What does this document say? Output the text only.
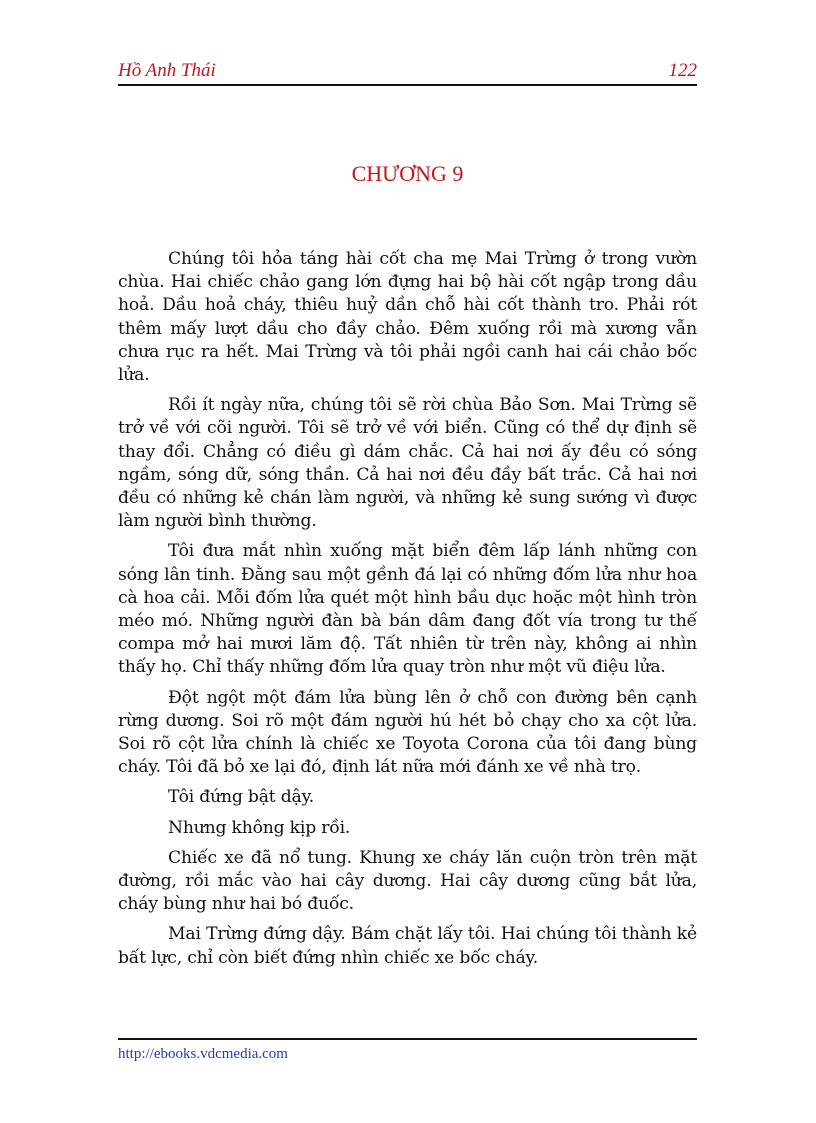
Hồ Anh Thái	122
CHƯƠNG 9

Chúng tôi hỏa táng hài cốt cha mẹ Mai Trừng ở trong vườn chùa. Hai chiếc chảo gang lớn đựng hai bộ hài cốt ngập trong dầu hoả. Dầu hoả cháy, thiêu huỷ dần chỗ hài cốt thành tro. Phải rót thêm mấy lượt dầu cho đầy chảo. Đêm xuống rồi mà xương vẫn chưa rục ra hết. Mai Trừng và tôi phải ngồi canh hai cái chảo bốc lửa.

Rồi ít ngày nữa, chúng tôi sẽ rời chùa Bảo Sơn. Mai Trừng sẽ trở về với cõi người. Tôi sẽ trở về với biển. Cũng có thể dự định sẽ thay đổi. Chẳng có điều gì dám chắc. Cả hai nơi ấy đều có sóng ngầm, sóng dữ, sóng thần. Cả hai nơi đều đầy bất trắc. Cả hai nơi đều có những kẻ chán làm người, và những kẻ sung sướng vì được làm người bình thường.

Tôi đưa mắt nhìn xuống mặt biển đêm lấp lánh những con sóng lân tinh. Đằng sau một gềnh đá lại có những đốm lửa như hoa cà hoa cải. Mỗi đốm lửa quét một hình bầu dục hoặc một hình tròn méo mó. Những người đàn bà bán dâm đang đốt vía trong tư thế compa mở hai mươi lăm độ. Tất nhiên từ trên này, không ai nhìn thấy họ. Chỉ thấy những đốm lửa quay tròn như một vũ điệu lửa.

Đột ngột một đám lửa bùng lên ở chỗ con đường bên cạnh rừng dương. Soi rõ một đám người hú hét bỏ chạy cho xa cột lửa. Soi rõ cột lửa chính là chiếc xe Toyota Corona của tôi đang bùng cháy. Tôi đã bỏ xe lại đó, định lát nữa mới đánh xe về nhà trọ.

Tôi đứng bật dậy.

Nhưng không kịp rồi.

Chiếc xe đã nổ tung. Khung xe cháy lăn cuộn tròn trên mặt đường, rồi mắc vào hai cây dương. Hai cây dương cũng bắt lửa, cháy bùng như hai bó đuốc.

Mai Trừng đứng dậy. Bám chặt lấy tôi. Hai chúng tôi thành kẻ bất lực, chỉ còn biết đứng nhìn chiếc xe bốc cháy.

http://ebooks.vdcmedia.com
